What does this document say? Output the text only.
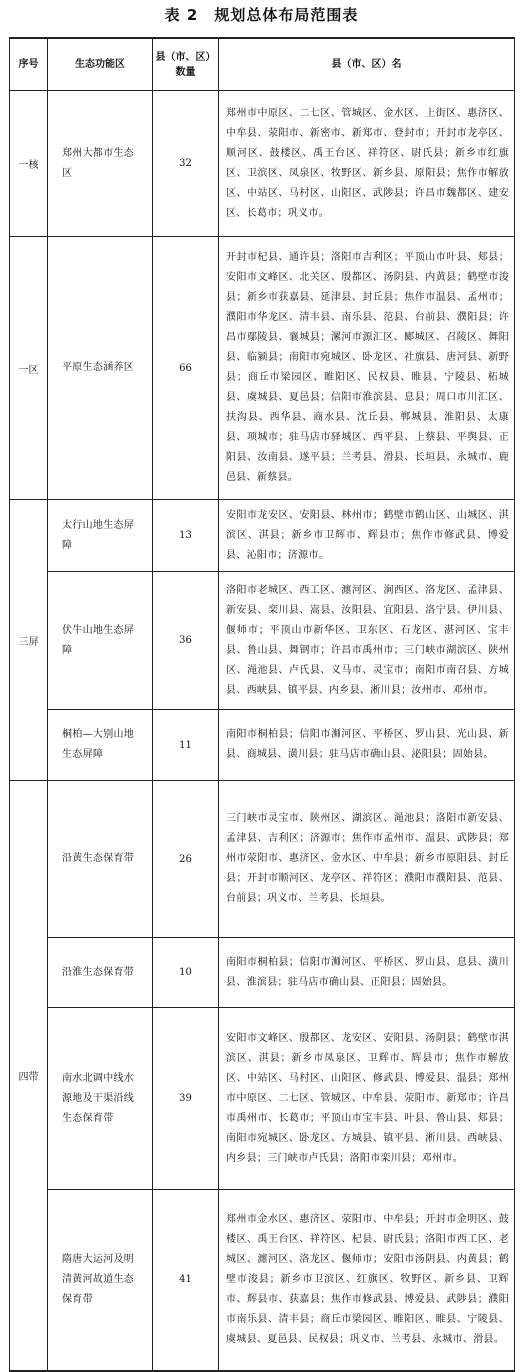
表 2　规划总体布局范围表
序号	生态功能区	县（市、区）数量	县（市、区）名
一核	郑州大都市生态区	32	郑州市中原区、二七区、管城区、金水区、上街区、惠济区、中牟县、荥阳市、新密市、新郑市、登封市；开封市龙亭区、顺河区、鼓楼区、禹王台区、祥符区、尉氏县；新乡市红旗区、卫滨区、凤泉区、牧野区、新乡县、原阳县；焦作市解放区、中站区、马村区、山阳区、武陟县；许昌市魏都区、建安区、长葛市；巩义市。
一区	平原生态涵养区	66	开封市杞县、通许县；洛阳市吉利区；平顶山市叶县、郏县；安阳市文峰区、北关区、殷都区、汤阴县、内黄县；鹤壁市浚县；新乡市获嘉县、延津县、封丘县；焦作市温县、孟州市；濮阳市华龙区、清丰县、南乐县、范县、台前县、濮阳县；许昌市鄢陵县、襄城县；漯河市源汇区、郾城区、召陵区、舞阳县、临颍县；南阳市宛城区、卧龙区、社旗县、唐河县、新野县；商丘市梁园区、睢阳区、民权县、睢县、宁陵县、柘城县、虞城县、夏邑县；信阳市淮滨县、息县；周口市川汇区、扶沟县、西华县、商水县、沈丘县、郸城县、淮阳县、太康县、项城市；驻马店市驿城区、西平县、上蔡县、平舆县、正阳县、汝南县、遂平县；兰考县、滑县、长垣县、永城市、鹿邑县、新蔡县。
三屏	太行山地生态屏障	13	安阳市龙安区、安阳县、林州市；鹤壁市鹤山区、山城区、淇滨区、淇县；新乡市卫辉市、辉县市；焦作市修武县、博爱县、沁阳市；济源市。
	伏牛山地生态屏障	36	洛阳市老城区、西工区、瀍河区、涧西区、洛龙区、孟津县、新安县、栾川县、嵩县、汝阳县、宜阳县、洛宁县、伊川县、偃师市；平顶山市新华区、卫东区、石龙区、湛河区、宝丰县、鲁山县、舞钢市；许昌市禹州市；三门峡市湖滨区、陕州区、渑池县、卢氏县、义马市、灵宝市；南阳市南召县、方城县、西峡县、镇平县、内乡县、淅川县；汝州市、邓州市。
	桐柏—大别山地生态屏障	11	南阳市桐柏县；信阳市浉河区、平桥区、罗山县、光山县、新县、商城县、潢川县；驻马店市确山县、泌阳县；固始县。
四带	沿黄生态保育带	26	三门峡市灵宝市、陕州区、湖滨区、渑池县；洛阳市新安县、孟津县、吉利区；济源市；焦作市孟州市、温县、武陟县；郑州市荥阳市、惠济区、金水区、中牟县；新乡市原阳县、封丘县；开封市顺河区、龙亭区、祥符区；濮阳市濮阳县、范县、台前县；巩义市、兰考县、长垣县。
	沿淮生态保育带	10	南阳市桐柏县；信阳市浉河区、平桥区、罗山县、息县、潢川县、淮滨县；驻马店市确山县、正阳县；固始县。
	南水北调中线水源地及干渠沿线生态保育带	39	安阳市文峰区、殷都区、龙安区、安阳县、汤阴县；鹤壁市淇滨区、淇县；新乡市凤泉区、卫辉市、辉县市；焦作市解放区、中站区、马村区、山阳区、修武县、博爱县、温县；郑州市中原区、二七区、管城区、中牟县、荥阳市、新郑市；许昌市禹州市、长葛市；平顶山市宝丰县、叶县、鲁山县、郏县；南阳市宛城区、卧龙区、方城县、镇平县、淅川县、西峡县、内乡县；三门峡市卢氏县；洛阳市栾川县；邓州市。
	隋唐大运河及明清黄河故道生态保育带	41	郑州市金水区、惠济区、荥阳市、中牟县；开封市金明区、鼓楼区、禹王台区、祥符区、杞县、尉氏县；洛阳市西工区、老城区、瀍河区、洛龙区、偃师市；安阳市汤阴县、内黄县；鹤壁市浚县；新乡市卫滨区、红旗区、牧野区、新乡县、卫辉市、辉县市、获嘉县；焦作市修武县、博爱县、武陟县；濮阳市南乐县、清丰县；商丘市梁园区、睢阳区、睢县、宁陵县、虞城县、夏邑县、民权县；巩义市、兰考县、永城市、滑县。
